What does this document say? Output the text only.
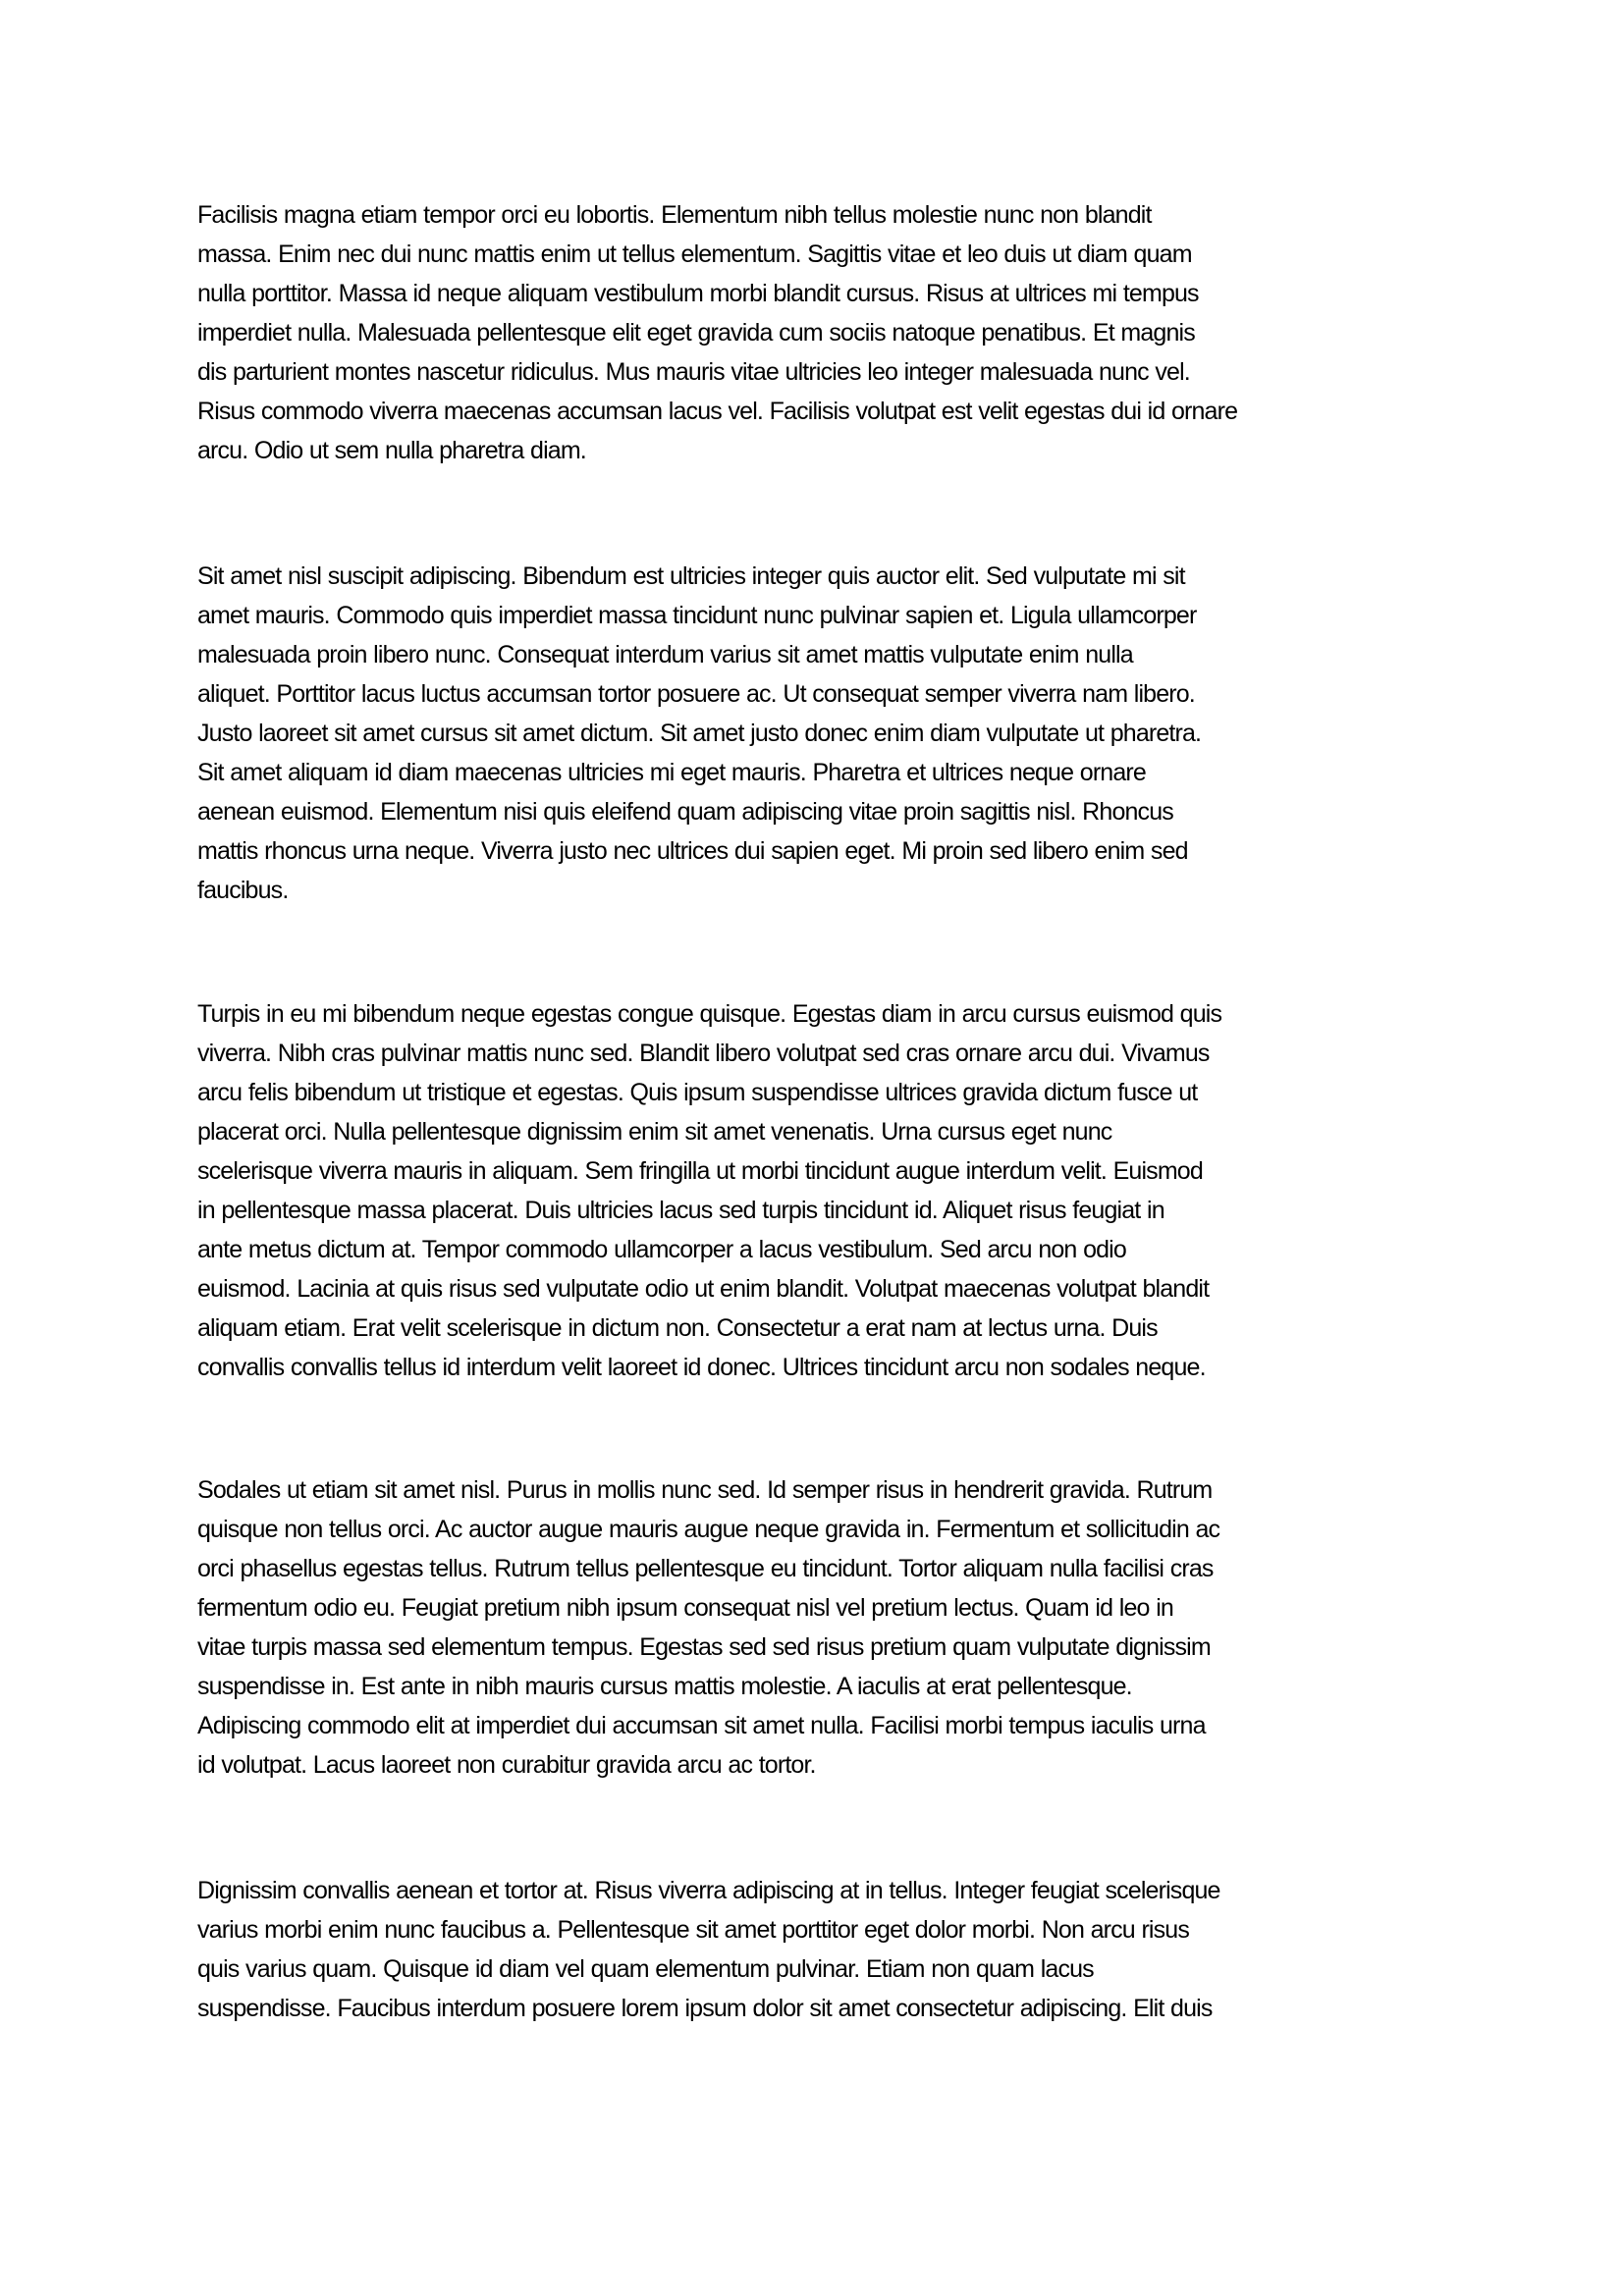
Facilisis magna etiam tempor orci eu lobortis. Elementum nibh tellus molestie nunc non blandit
massa. Enim nec dui nunc mattis enim ut tellus elementum. Sagittis vitae et leo duis ut diam quam
nulla porttitor. Massa id neque aliquam vestibulum morbi blandit cursus. Risus at ultrices mi tempus
imperdiet nulla. Malesuada pellentesque elit eget gravida cum sociis natoque penatibus. Et magnis
dis parturient montes nascetur ridiculus. Mus mauris vitae ultricies leo integer malesuada nunc vel.
Risus commodo viverra maecenas accumsan lacus vel. Facilisis volutpat est velit egestas dui id ornare
arcu. Odio ut sem nulla pharetra diam.

Sit amet nisl suscipit adipiscing. Bibendum est ultricies integer quis auctor elit. Sed vulputate mi sit
amet mauris. Commodo quis imperdiet massa tincidunt nunc pulvinar sapien et. Ligula ullamcorper
malesuada proin libero nunc. Consequat interdum varius sit amet mattis vulputate enim nulla
aliquet. Porttitor lacus luctus accumsan tortor posuere ac. Ut consequat semper viverra nam libero.
Justo laoreet sit amet cursus sit amet dictum. Sit amet justo donec enim diam vulputate ut pharetra.
Sit amet aliquam id diam maecenas ultricies mi eget mauris. Pharetra et ultrices neque ornare
aenean euismod. Elementum nisi quis eleifend quam adipiscing vitae proin sagittis nisl. Rhoncus
mattis rhoncus urna neque. Viverra justo nec ultrices dui sapien eget. Mi proin sed libero enim sed
faucibus.

Turpis in eu mi bibendum neque egestas congue quisque. Egestas diam in arcu cursus euismod quis
viverra. Nibh cras pulvinar mattis nunc sed. Blandit libero volutpat sed cras ornare arcu dui. Vivamus
arcu felis bibendum ut tristique et egestas. Quis ipsum suspendisse ultrices gravida dictum fusce ut
placerat orci. Nulla pellentesque dignissim enim sit amet venenatis. Urna cursus eget nunc
scelerisque viverra mauris in aliquam. Sem fringilla ut morbi tincidunt augue interdum velit. Euismod
in pellentesque massa placerat. Duis ultricies lacus sed turpis tincidunt id. Aliquet risus feugiat in
ante metus dictum at. Tempor commodo ullamcorper a lacus vestibulum. Sed arcu non odio
euismod. Lacinia at quis risus sed vulputate odio ut enim blandit. Volutpat maecenas volutpat blandit
aliquam etiam. Erat velit scelerisque in dictum non. Consectetur a erat nam at lectus urna. Duis
convallis convallis tellus id interdum velit laoreet id donec. Ultrices tincidunt arcu non sodales neque.

Sodales ut etiam sit amet nisl. Purus in mollis nunc sed. Id semper risus in hendrerit gravida. Rutrum
quisque non tellus orci. Ac auctor augue mauris augue neque gravida in. Fermentum et sollicitudin ac
orci phasellus egestas tellus. Rutrum tellus pellentesque eu tincidunt. Tortor aliquam nulla facilisi cras
fermentum odio eu. Feugiat pretium nibh ipsum consequat nisl vel pretium lectus. Quam id leo in
vitae turpis massa sed elementum tempus. Egestas sed sed risus pretium quam vulputate dignissim
suspendisse in. Est ante in nibh mauris cursus mattis molestie. A iaculis at erat pellentesque.
Adipiscing commodo elit at imperdiet dui accumsan sit amet nulla. Facilisi morbi tempus iaculis urna
id volutpat. Lacus laoreet non curabitur gravida arcu ac tortor.

Dignissim convallis aenean et tortor at. Risus viverra adipiscing at in tellus. Integer feugiat scelerisque
varius morbi enim nunc faucibus a. Pellentesque sit amet porttitor eget dolor morbi. Non arcu risus
quis varius quam. Quisque id diam vel quam elementum pulvinar. Etiam non quam lacus
suspendisse. Faucibus interdum posuere lorem ipsum dolor sit amet consectetur adipiscing. Elit duis
